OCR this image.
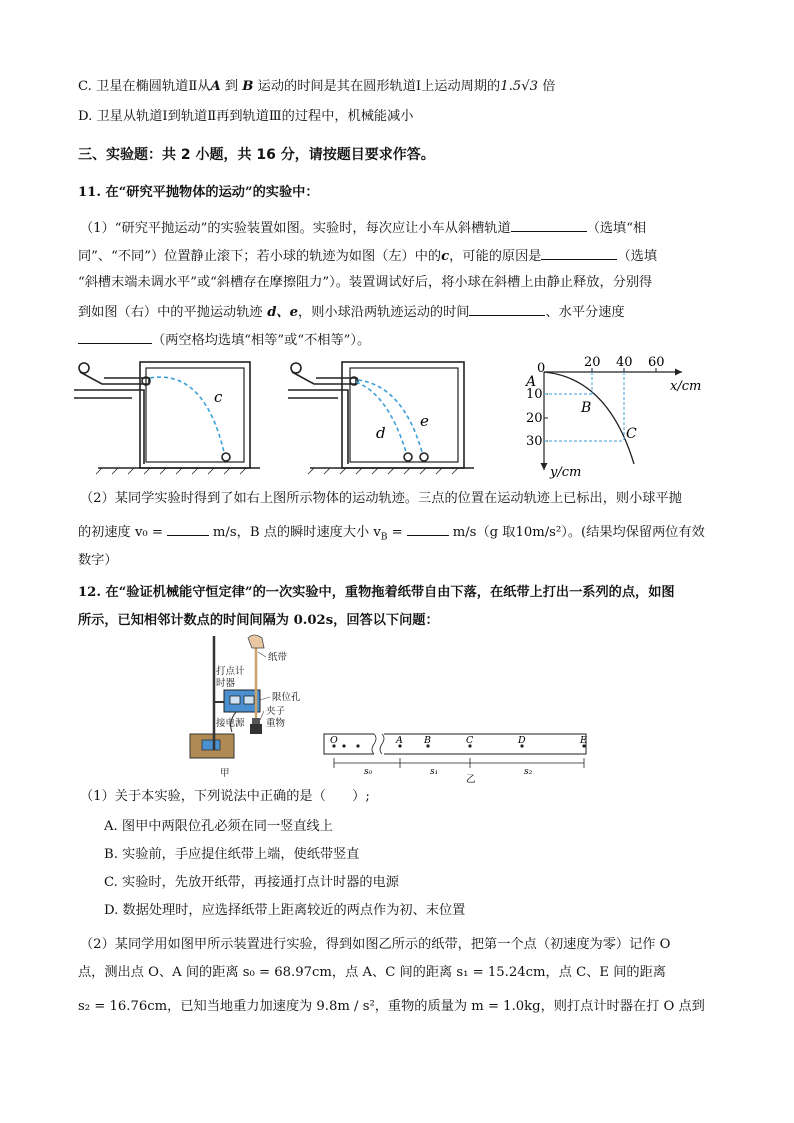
C. 卫星在椭圆轨道Ⅱ从A 到 B 运动的时间是其在圆形轨道Ⅰ上运动周期的1.5√3 倍
D. 卫星从轨道Ⅰ到轨道Ⅱ再到轨道Ⅲ的过程中，机械能减小
三、实验题：共 2 小题，共 16 分，请按题目要求作答。
11. 在“研究平抛物体的运动”的实验中：
（1）“研究平抛运动”的实验装置如图。实验时，每次应让小车从斜槽轨道	（选填“相
同”、“不同”）位置静止滚下；若小球的轨迹为如图（左）中的c，可能的原因是	（选填
“斜槽末端未调水平”或“斜槽存在摩擦阻力”）。装置调试好后，将小球在斜槽上由静止释放，分别得
到如图（右）中的平抛运动轨迹 d、e，则小球沿两轨迹运动的时间	、水平分速度
（两空格均选填“相等”或“不相等”）。
c
d
e
0	20 40 60
x/cm
10
20
30
y/cm
A
B
C
（2）某同学实验时得到了如右上图所示物体的运动轨迹。三点的位置在运动轨迹上已标出，则小球平抛
的初速度 v₀ =	m/s，B 点的瞬时速度大小 $v_B$ =	m/s（g 取10m/s²）。(结果均保留两位有效
数字）
12. 在“验证机械能守恒定律”的一次实验中，重物拖着纸带自由下落，在纸带上打出一系列的点，如图
所示，已知相邻计数点的时间间隔为 0.02s，回答以下问题：
纸带
打点计
时器
限位孔
夹子
接电源 重物
甲
O	A B	C	D	E
s₀	s₁	s₂
乙
（1）关于本实验，下列说法中正确的是（　　）;
A. 图甲中两限位孔必须在同一竖直线上
B. 实验前，手应提住纸带上端，使纸带竖直
C. 实验时，先放开纸带，再接通打点计时器的电源
D. 数据处理时，应选择纸带上距离较近的两点作为初、末位置
（2）某同学用如图甲所示装置进行实验，得到如图乙所示的纸带，把第一个点（初速度为零）记作 O
点，测出点 O、A 间的距离 s₀ = 68.97cm，点 A、C 间的距离 s₁ = 15.24cm，点 C、E 间的距离
s₂ = 16.76cm，已知当地重力加速度为 9.8m / s²，重物的质量为 m = 1.0kg，则打点计时器在打 O 点到
